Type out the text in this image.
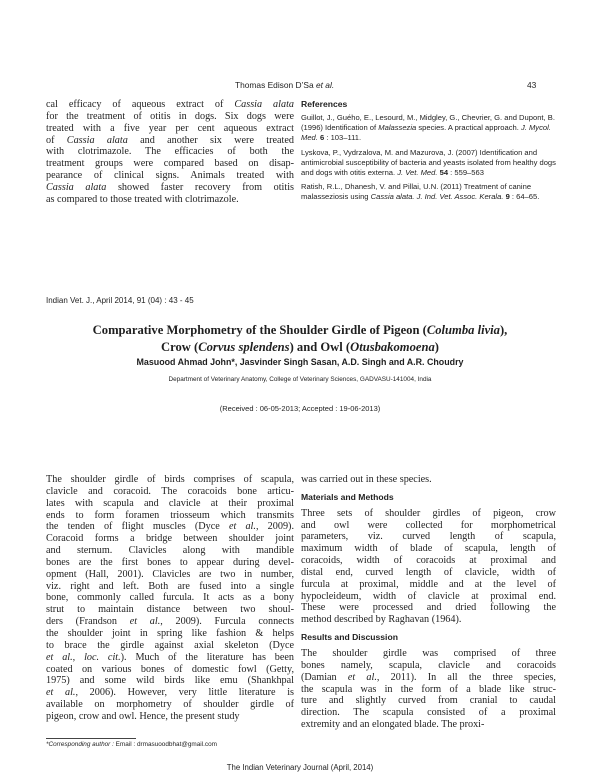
Thomas Edison D’Sa et al.	43
cal efficacy of aqueous extract of Cassia alata
for the treatment of otitis in dogs. Six dogs were
treated with a five year per cent aqueous extract
of Cassia alata and another six were treated
with clotrimazole. The efficacies of both the
treatment groups were compared based on disap-
pearance of clinical signs. Animals treated with
Cassia alata showed faster recovery from otitis
as compared to those treated with clotrimazole.
References
Guillot, J., Guého, E., Lesourd, M., Midgley, G., Chevrier, G. and Dupont, B. (1996) Identification of Malassezia species. A practical approach. J. Mycol. Med. 6 : 103–111.
Lyskova, P., Vydrzalova, M. and Mazurova, J. (2007) Identification and antimicrobial susceptibility of bacteria and yeasts isolated from healthy dogs and dogs with otitis externa. J. Vet. Med. 54 : 559–563
Ratish, R.L., Dhanesh, V. and Pillai, U.N. (2011) Treatment of canine malasseziosis using Cassia alata. J. Ind. Vet. Assoc. Kerala. 9 : 64–65.
Indian Vet. J., April 2014, 91 (04) : 43 - 45
Comparative Morphometry of the Shoulder Girdle of Pigeon (Columba livia),
Crow (Corvus splendens) and Owl (Otusbakomoena)
Masuood Ahmad John*, Jasvinder Singh Sasan, A.D. Singh and A.R. Choudry
Department of Veterinary Anatomy, College of Veterinary Sciences, GADVASU-141004, India
(Received : 06-05-2013; Accepted : 19-06-2013)
The shoulder girdle of birds comprises of scapula,
clavicle and coracoid. The coracoids bone articu-
lates with scapula and clavicle at their proximal
ends to form foramen triosseum which transmits
the tenden of flight muscles (Dyce et al., 2009).
Coracoid forms a bridge between shoulder joint
and sternum. Clavicles along with mandible
bones are the first bones to appear during devel-
opment (Hall, 2001). Clavicles are two in number,
viz. right and left. Both are fused into a single
bone, commonly called furcula. It acts as a bony
strut to maintain distance between two shoul-
ders (Frandson et al., 2009). Furcula connects
the shoulder joint in spring like fashion & helps
to brace the girdle against axial skeleton (Dyce
et al., loc. cit.). Much of the literature has been
coated on various bones of domestic fowl (Getty,
1975) and some wild birds like emu (Shankhpal
et al., 2006). However, very little literature is
available on morphometry of shoulder girdle of
pigeon, crow and owl. Hence, the present study

was carried out in these species.

Materials and Methods

Three sets of shoulder girdles of pigeon, crow
and owl were collected for morphometrical
parameters, viz. curved length of scapula,
maximum width of blade of scapula, length of
coracoids, width of coracoids at proximal and
distal end, curved length of clavicle, width of
furcula at proximal, middle and at the level of
hypocleideum, width of clavicle at proximal end.
These were processed and dried following the
method described by Raghavan (1964).

Results and Discussion

The shoulder girdle was comprised of three
bones namely, scapula, clavicle and coracoids
(Damian et al., 2011). In all the three species,
the scapula was in the form of a blade like struc-
ture and slightly curved from cranial to caudal
direction. The scapula consisted of a proximal
extremity and an elongated blade. The proxi-
*Corresponding author : Email : drmasuoodbhat@gmail.com
The Indian Veterinary Journal (April, 2014)
